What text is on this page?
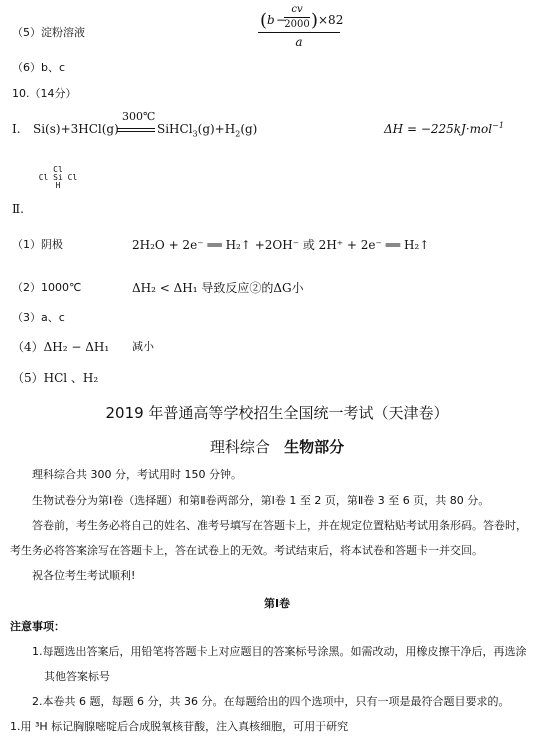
（5）淀粉溶液
( b −
cv
2000 ) ×82
a
（6）b、c
10.（14分）
Ⅰ. Si(s)+3HCl(g)
300℃
$SiHCl_3(g)+H_2(g)$	ΔH = −225kJ·mol$^{-1}$
Cl
Cl Si Cl
H
Ⅱ.
（1）阴极	2H₂O + 2e⁻ ══ H₂↑ +2OH⁻ 或 2H⁺ + 2e⁻ ══ H₂↑
（2）1000℃	ΔH₂ < ΔH₁ 导致反应②的ΔG小
（3）a、c
（4）ΔH₂ − ΔH₁ 减小
（5）HCl 、H₂
2019 年普通高等学校招生全国统一考试（天津卷）
理科综合 生物部分
理科综合共 300 分，考试用时 150 分钟。
生物试卷分为第Ⅰ卷（选择题）和第Ⅱ卷两部分，第Ⅰ卷 1 至 2 页，第Ⅱ卷 3 至 6 页，共 80 分。
答卷前，考生务必将自己的姓名、准考号填写在答题卡上，并在规定位置粘贴考试用条形码。答卷时，
考生务必将答案涂写在答题卡上，答在试卷上的无效。考试结束后，将本试卷和答题卡一并交回。
祝各位考生考试顺利!
第Ⅰ卷
注意事项：
1.每题选出答案后，用铅笔将答题卡上对应题目的答案标号涂黑。如需改动，用橡皮擦干净后，再选涂
其他答案标号
2.本卷共 6 题，每题 6 分，共 36 分。在每题给出的四个选项中，只有一项是最符合题目要求的。
1.用 ³H 标记胸腺嘧啶后合成脱氧核苷酸，注入真核细胞，可用于研究
